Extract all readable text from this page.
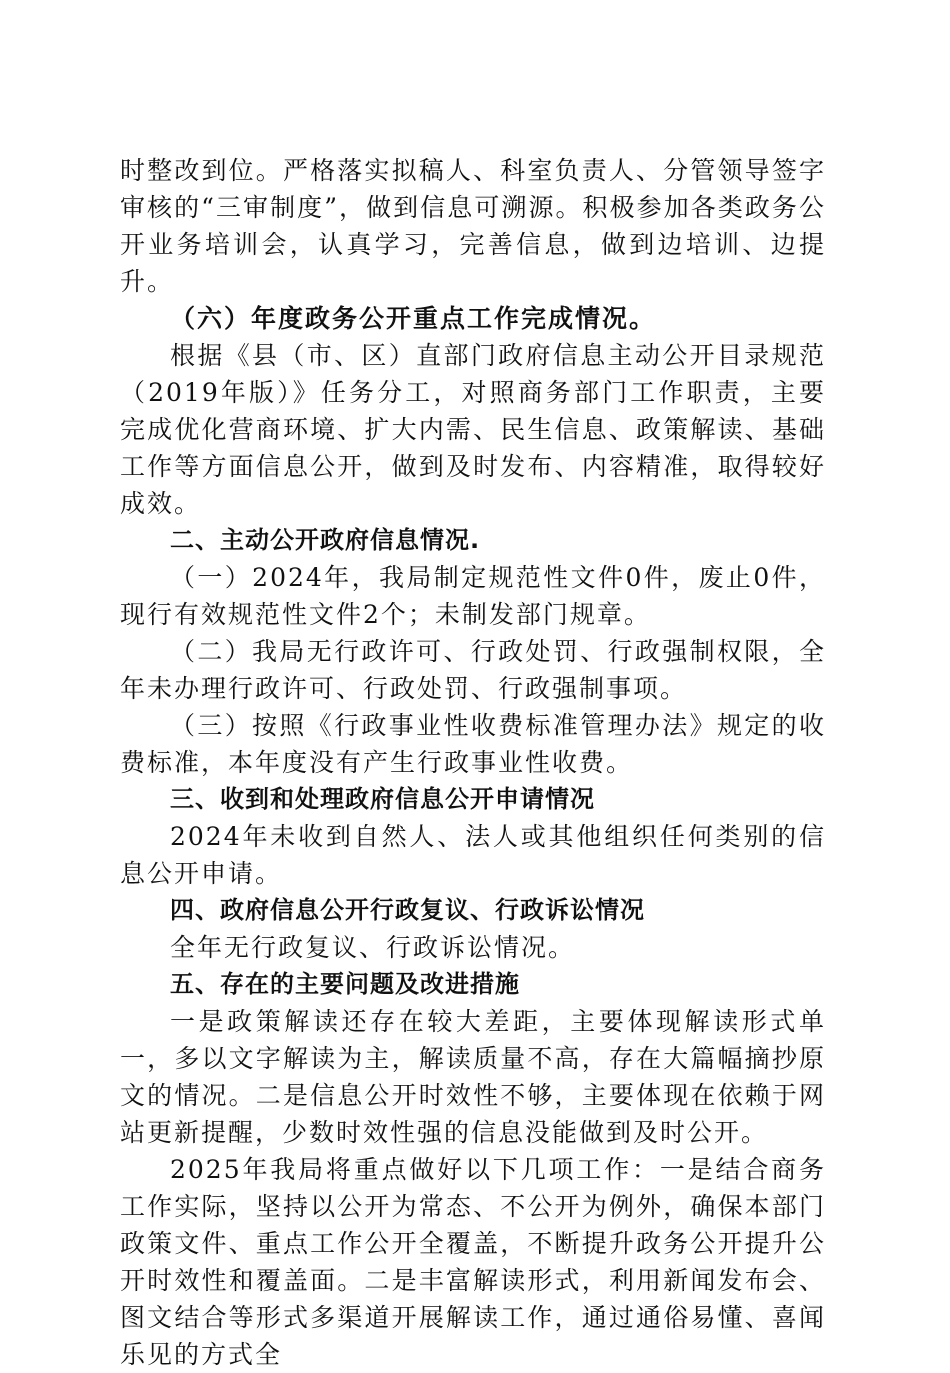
时整改到位。严格落实拟稿人、科室负责人、分管领导签字审核的“三审制度”，做到信息可溯源。积极参加各类政务公开业务培训会，认真学习，完善信息，做到边培训、边提升。

（六）年度政务公开重点工作完成情况。

根据《县（市、区）直部门政府信息主动公开目录规范（2019年版）》任务分工，对照商务部门工作职责，主要完成优化营商环境、扩大内需、民生信息、政策解读、基础工作等方面信息公开，做到及时发布、内容精准，取得较好成效。

二、主动公开政府信息情况.

（一）2024年，我局制定规范性文件0件，废止0件，现行有效规范性文件2个；未制发部门规章。

（二）我局无行政许可、行政处罚、行政强制权限，全年未办理行政许可、行政处罚、行政强制事项。

（三）按照《行政事业性收费标准管理办法》规定的收费标准，本年度没有产生行政事业性收费。

三、收到和处理政府信息公开申请情况

2024年未收到自然人、法人或其他组织任何类别的信息公开申请。

四、政府信息公开行政复议、行政诉讼情况

全年无行政复议、行政诉讼情况。

五、存在的主要问题及改进措施

一是政策解读还存在较大差距，主要体现解读形式单一，多以文字解读为主，解读质量不高，存在大篇幅摘抄原文的情况。二是信息公开时效性不够，主要体现在依赖于网站更新提醒，少数时效性强的信息没能做到及时公开。

2025年我局将重点做好以下几项工作：一是结合商务工作实际，坚持以公开为常态、不公开为例外，确保本部门政策文件、重点工作公开全覆盖，不断提升政务公开提升公开时效性和覆盖面。二是丰富解读形式，利用新闻发布会、图文结合等形式多渠道开展解读工作，通过通俗易懂、喜闻乐见的方式全
